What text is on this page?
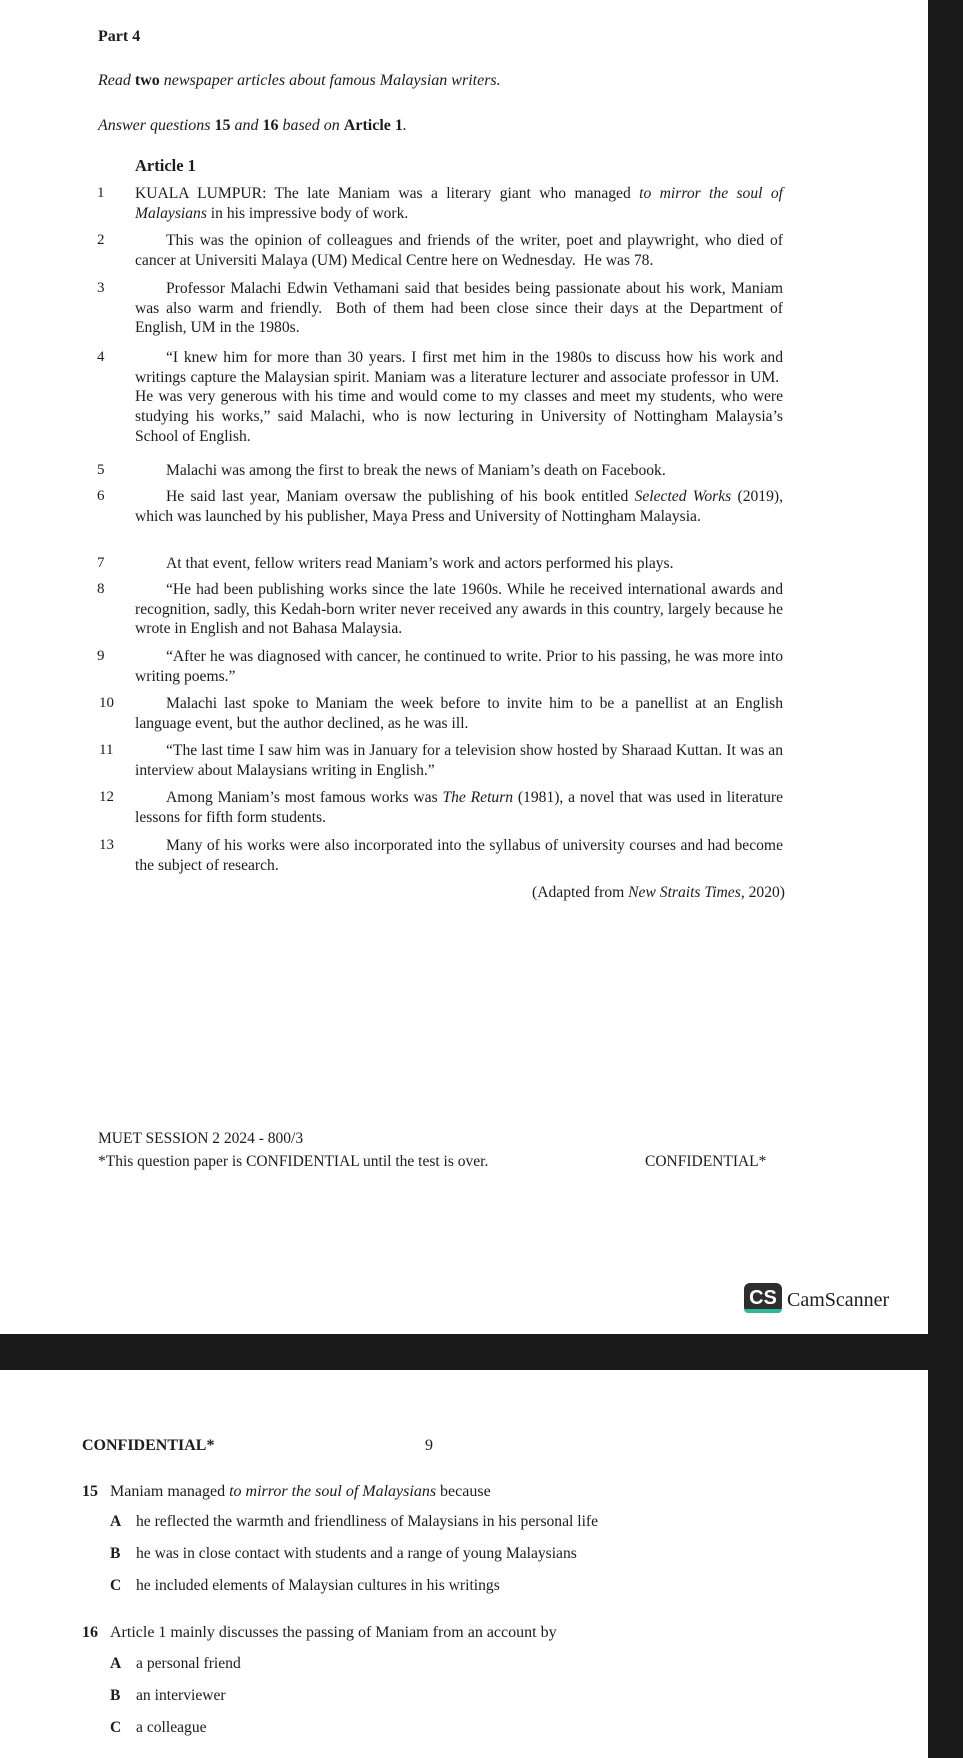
Part 4
Read two newspaper articles about famous Malaysian writers.
Answer questions 15 and 16 based on Article 1.
Article 1
1	KUALA LUMPUR: The late Maniam was a literary giant who managed to mirror the soul of Malaysians in his impressive body of work.
2	This was the opinion of colleagues and friends of the writer, poet and playwright, who died of cancer at Universiti Malaya (UM) Medical Centre here on Wednesday.  He was 78.
3	Professor Malachi Edwin Vethamani said that besides being passionate about his work, Maniam was also warm and friendly.  Both of them had been close since their days at the Department of English, UM in the 1980s.
4	“I knew him for more than 30 years. I first met him in the 1980s to discuss how his work and writings capture the Malaysian spirit. Maniam was a literature lecturer and associate professor in UM.  He was very generous with his time and would come to my classes and meet my students, who were studying his works,” said Malachi, who is now lecturing in University of Nottingham Malaysia’s School of English.
5	Malachi was among the first to break the news of Maniam’s death on Facebook.
6	He said last year, Maniam oversaw the publishing of his book entitled Selected Works (2019), which was launched by his publisher, Maya Press and University of Nottingham Malaysia.
7	At that event, fellow writers read Maniam’s work and actors performed his plays.
8	“He had been publishing works since the late 1960s. While he received international awards and recognition, sadly, this Kedah-born writer never received any awards in this country, largely because he wrote in English and not Bahasa Malaysia.
9	“After he was diagnosed with cancer, he continued to write. Prior to his passing, he was more into writing poems.”
10	Malachi last spoke to Maniam the week before to invite him to be a panellist at an English language event, but the author declined, as he was ill.
11	“The last time I saw him was in January for a television show hosted by Sharaad Kuttan. It was an interview about Malaysians writing in English.”
12	Among Maniam’s most famous works was The Return (1981), a novel that was used in literature lessons for fifth form students.
13	Many of his works were also incorporated into the syllabus of university courses and had become the subject of research.
(Adapted from New Straits Times, 2020)
MUET SESSION 2 2024 - 800/3
*This question paper is CONFIDENTIAL until the test is over.	CONFIDENTIAL*
CS CamScanner
CONFIDENTIAL*	9
15 Maniam managed to mirror the soul of Malaysians because
A he reflected the warmth and friendliness of Malaysians in his personal life
B he was in close contact with students and a range of young Malaysians
C he included elements of Malaysian cultures in his writings
16 Article 1 mainly discusses the passing of Maniam from an account by
A a personal friend
B an interviewer
C a colleague
